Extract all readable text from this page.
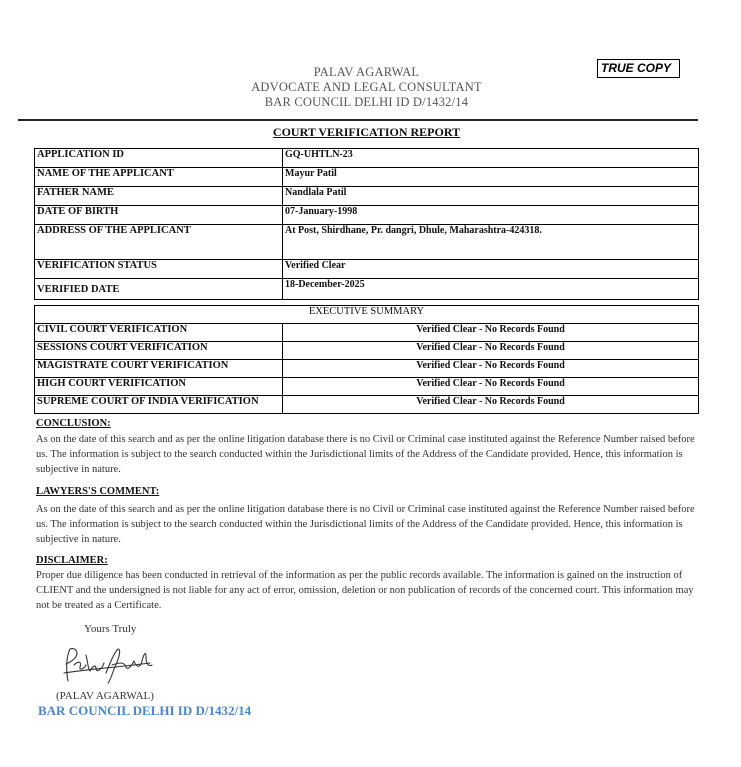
TRUE COPY
PALAV AGARWAL
ADVOCATE AND LEGAL CONSULTANT
BAR COUNCIL DELHI ID D/1432/14
COURT VERIFICATION REPORT
APPLICATION ID	GQ-UHTLN-23
NAME OF THE APPLICANT	Mayur Patil
FATHER NAME	Nandlala Patil
DATE OF BIRTH	07-January-1998
ADDRESS OF THE APPLICANT	At Post, Shirdhane, Pr. dangri, Dhule, Maharashtra-424318.
VERIFICATION STATUS	Verified Clear
VERIFIED DATE	18-December-2025
EXECUTIVE SUMMARY	
CIVIL COURT VERIFICATION	Verified Clear - No Records Found
SESSIONS COURT VERIFICATION	Verified Clear - No Records Found
MAGISTRATE COURT VERIFICATION	Verified Clear - No Records Found
HIGH COURT VERIFICATION	Verified Clear - No Records Found
SUPREME COURT OF INDIA VERIFICATION	Verified Clear - No Records Found
CONCLUSION:
As on the date of this search and as per the online litigation database there is no Civil or Criminal case instituted against the Reference Number raised before us. The information is subject to the search conducted within the Jurisdictional limits of the Address of the Candidate provided. Hence, this information is subjective in nature.
LAWYERS'S COMMENT:
As on the date of this search and as per the online litigation database there is no Civil or Criminal case instituted against the Reference Number raised before us. The information is subject to the search conducted within the Jurisdictional limits of the Address of the Candidate provided. Hence, this information is subjective in nature.
DISCLAIMER:
Proper due diligence has been conducted in retrieval of the information as per the public records available. The information is gained on the instruction of CLIENT and the undersigned is not liable for any act of error, omission, deletion or non publication of records of the concerned court. This information may not be treated as a Certificate.
Yours Truly
(PALAV AGARWAL)
BAR COUNCIL DELHI ID D/1432/14
